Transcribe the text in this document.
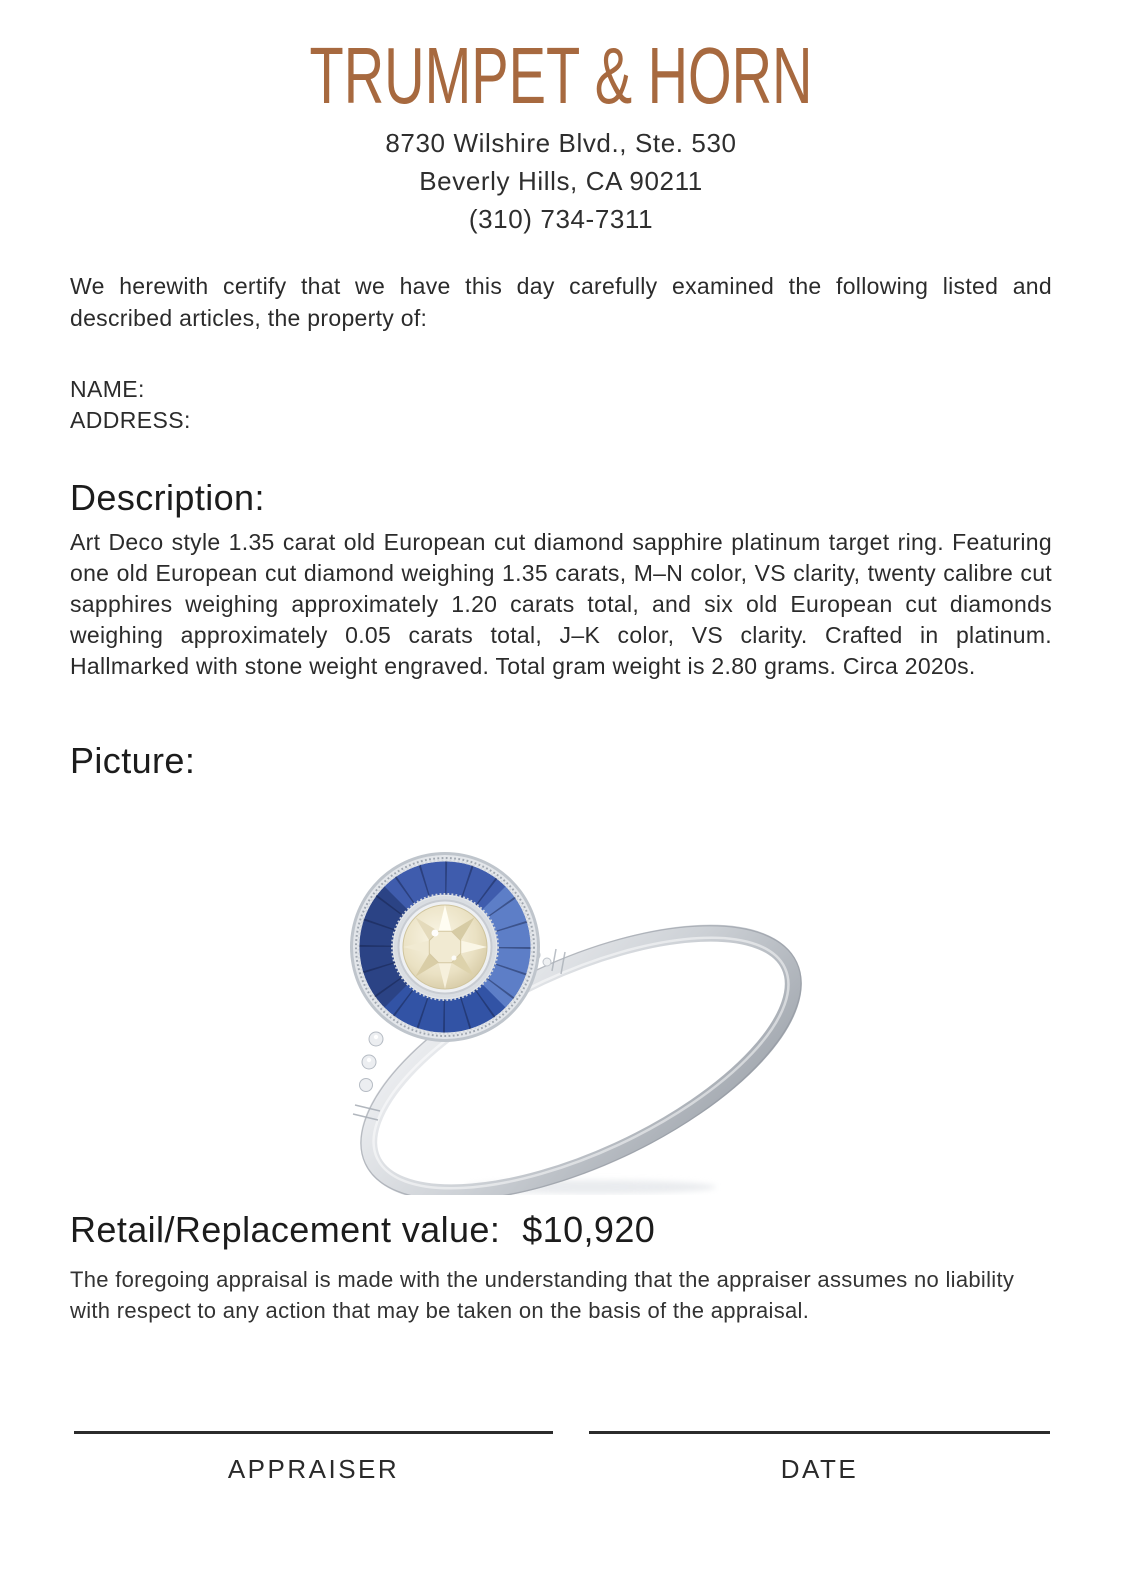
TRUMPET & HORN
8730 Wilshire Blvd., Ste. 530
Beverly Hills, CA 90211
(310) 734-7311
We herewith certify that we have this day carefully examined the following listed and described articles, the property of:
NAME:
ADDRESS:
Description:
Art Deco style 1.35 carat old European cut diamond sapphire platinum target ring. Featuring one old European cut diamond weighing 1.35 carats, M–N color, VS clarity, twenty calibre cut sapphires weighing approximately 1.20 carats total, and six old European cut diamonds weighing approximately 0.05 carats total, J–K color, VS clarity. Crafted in platinum. Hallmarked with stone weight engraved. Total gram weight is 2.80 grams. Circa 2020s.
Picture:
Retail/Replacement value: $10,920
The foregoing appraisal is made with the understanding that the appraiser assumes no liability with respect to any action that may be taken on the basis of the appraisal.
APPRAISER	DATE
